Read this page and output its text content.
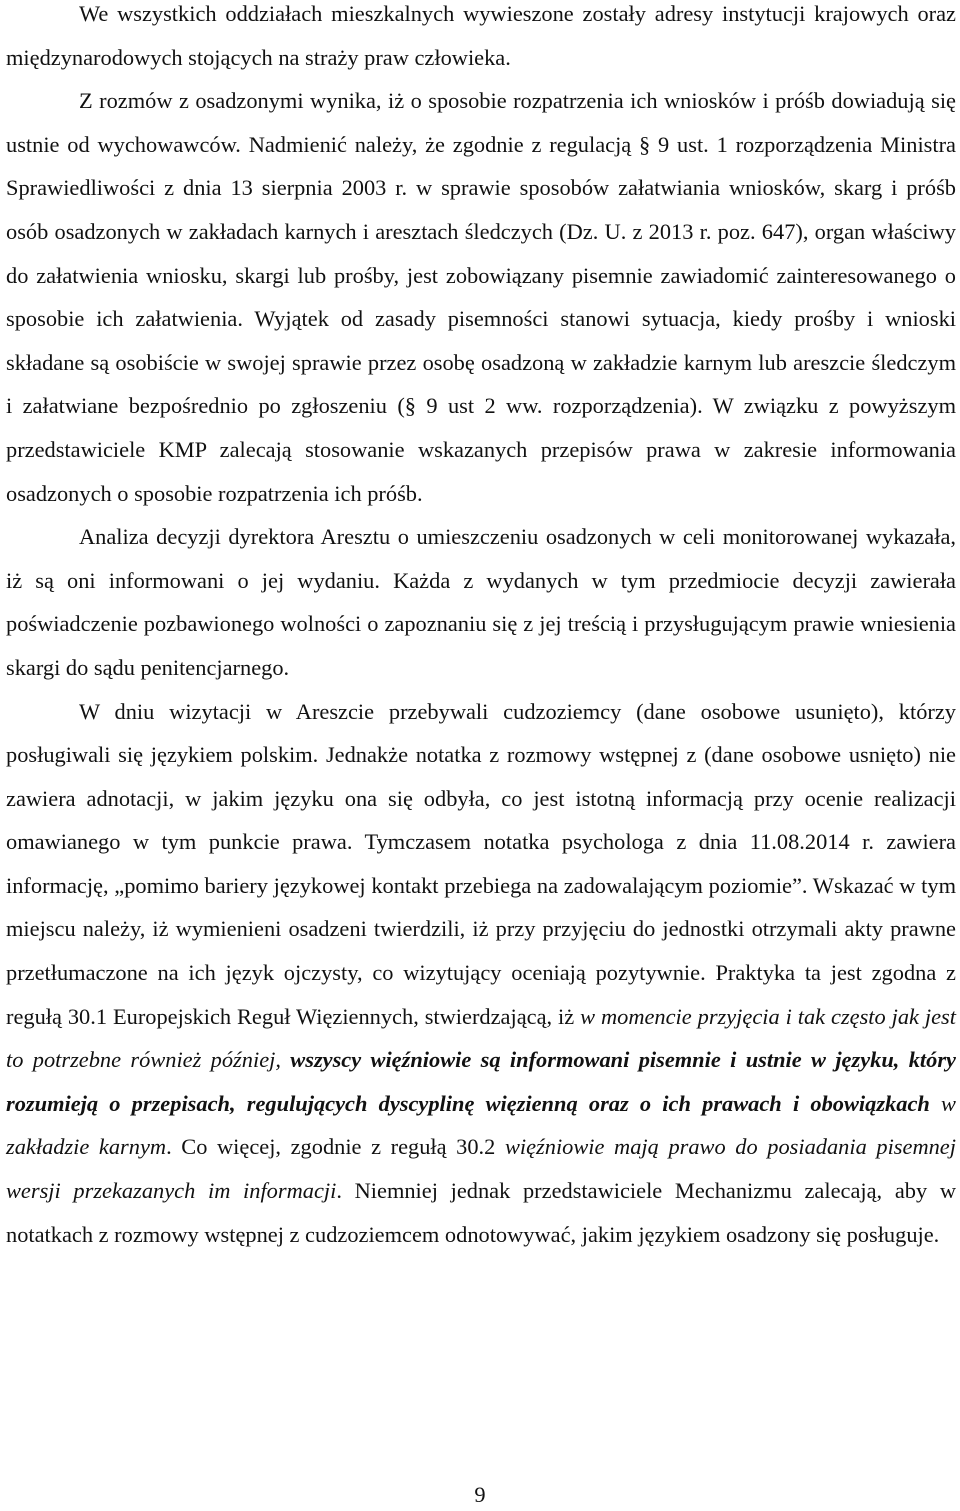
We wszystkich oddziałach mieszkalnych wywieszone zostały adresy instytucji krajowych oraz międzynarodowych stojących na straży praw człowieka.

Z rozmów z osadzonymi wynika, iż o sposobie rozpatrzenia ich wniosków i próśb dowiadują się ustnie od wychowawców. Nadmienić należy, że zgodnie z regulacją § 9 ust. 1 rozporządzenia Ministra Sprawiedliwości z dnia 13 sierpnia 2003 r. w sprawie sposobów załatwiania wniosków, skarg i próśb osób osadzonych w zakładach karnych i aresztach śledczych (Dz. U. z 2013 r. poz. 647), organ właściwy do załatwienia wniosku, skargi lub prośby, jest zobowiązany pisemnie zawiadomić zainteresowanego o sposobie ich załatwienia. Wyjątek od zasady pisemności stanowi sytuacja, kiedy prośby i wnioski składane są osobiście w swojej sprawie przez osobę osadzoną w zakładzie karnym lub areszcie śledczym i załatwiane bezpośrednio po zgłoszeniu (§ 9 ust 2 ww. rozporządzenia). W związku z powyższym przedstawiciele KMP zalecają stosowanie wskazanych przepisów prawa w zakresie informowania osadzonych o sposobie rozpatrzenia ich próśb.

Analiza decyzji dyrektora Aresztu o umieszczeniu osadzonych w celi monitorowanej wykazała, iż są oni informowani o jej wydaniu. Każda z wydanych w tym przedmiocie decyzji zawierała poświadczenie pozbawionego wolności o zapoznaniu się z jej treścią i przysługującym prawie wniesienia skargi do sądu penitencjarnego.

W dniu wizytacji w Areszcie przebywali cudzoziemcy (dane osobowe usunięto), którzy posługiwali się językiem polskim. Jednakże notatka z rozmowy wstępnej z (dane osobowe usnięto) nie zawiera adnotacji, w jakim języku ona się odbyła, co jest istotną informacją przy ocenie realizacji omawianego w tym punkcie prawa. Tymczasem notatka psychologa z dnia 11.08.2014 r. zawiera informację, „pomimo bariery językowej kontakt przebiega na zadowalającym poziomie”. Wskazać w tym miejscu należy, iż wymienieni osadzeni twierdzili, iż przy przyjęciu do jednostki otrzymali akty prawne przetłumaczone na ich język ojczysty, co wizytujący oceniają pozytywnie. Praktyka ta jest zgodna z regułą 30.1 Europejskich Reguł Więziennych, stwierdzającą, iż w momencie przyjęcia i tak często jak jest to potrzebne również później, wszyscy więźniowie są informowani pisemnie i ustnie w języku, który rozumieją o przepisach, regulujących dyscyplinę więzienną oraz o ich prawach i obowiązkach w zakładzie karnym. Co więcej, zgodnie z regułą 30.2 więźniowie mają prawo do posiadania pisemnej wersji przekazanych im informacji. Niemniej jednak przedstawiciele Mechanizmu zalecają, aby w notatkach z rozmowy wstępnej z cudzoziemcem odnotowywać, jakim językiem osadzony się posługuje.

9
